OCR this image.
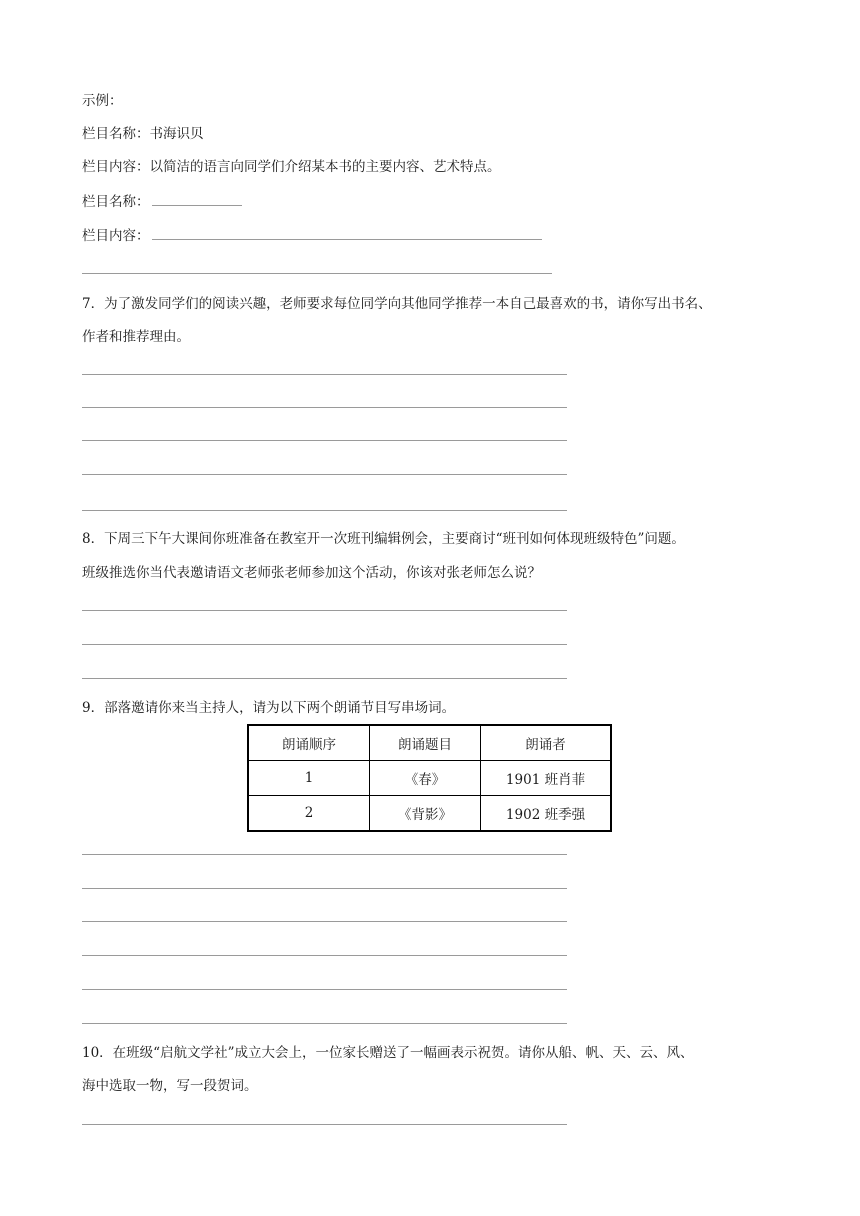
示例：
栏目名称：书海识贝
栏目内容：以简洁的语言向同学们介绍某本书的主要内容、艺术特点。
栏目名称：
栏目内容：
7．为了激发同学们的阅读兴趣，老师要求每位同学向其他同学推荐一本自己最喜欢的书，请你写出书名、
作者和推荐理由。
8．下周三下午大课间你班准备在教室开一次班刊编辑例会，主要商讨“班刊如何体现班级特色”问题。
班级推选你当代表邀请语文老师张老师参加这个活动，你该对张老师怎么说？
9．部落邀请你来当主持人，请为以下两个朗诵节目写串场词。
朗诵顺序	朗诵题目	朗诵者
1	《春》	1901 班肖菲
2	《背影》	1902 班季强
10．在班级“启航文学社”成立大会上，一位家长赠送了一幅画表示祝贺。请你从船、帆、天、云、风、
海中选取一物，写一段贺词。
